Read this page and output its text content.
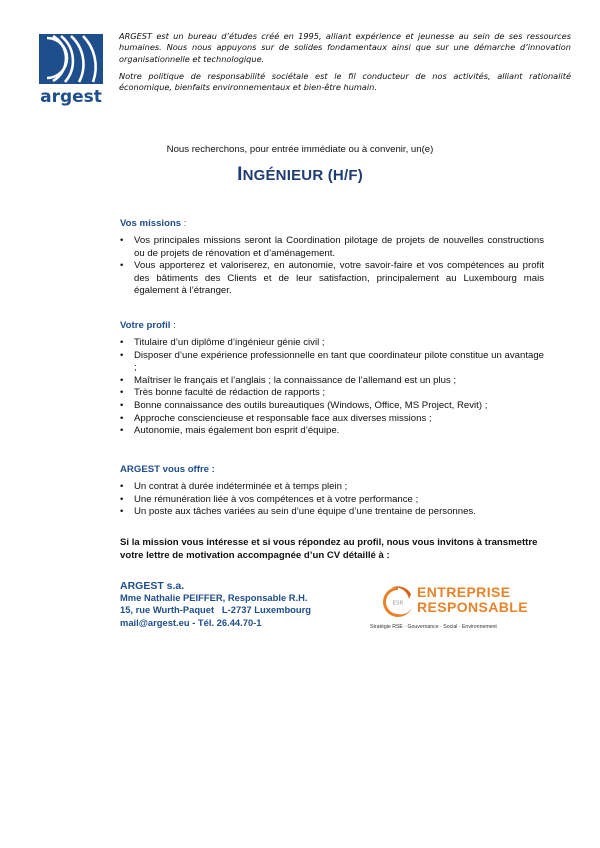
argest

ARGEST est un bureau d’études créé en 1995, alliant expérience et jeunesse au sein de ses ressources humaines. Nous nous appuyons sur de solides fondamentaux ainsi que sur une démarche d’innovation organisationnelle et technologique.

Notre politique de responsabilité sociétale est le fil conducteur de nos activités, alliant rationalité économique, bienfaits environnementaux et bien-être humain.

Nous recherchons, pour entrée immédiate ou à convenir, un(e)
INGÉNIEUR (H/F)

Vos missions :

• Vos principales missions seront la Coordination pilotage de projets de nouvelles constructions ou de projets de rénovation et d’aménagement.
• Vous apporterez et valoriserez, en autonomie, votre savoir-faire et vos compétences au profit des bâtiments des Clients et de leur satisfaction, principalement au Luxembourg mais également à l’étranger.

Votre profil :

• Titulaire d’un diplôme d’ingénieur génie civil ;
• Disposer d’une expérience professionnelle en tant que coordinateur pilote constitue un avantage ;
• Maîtriser le français et l’anglais ; la connaissance de l’allemand est un plus ;
• Très bonne faculté de rédaction de rapports ;
• Bonne connaissance des outils bureautiques (Windows, Office, MS Project, Revit) ;
• Approche consciencieuse et responsable face aux diverses missions ;
• Autonomie, mais également bon esprit d’équipe.

ARGEST vous offre :

• Un contrat à durée indéterminée et à temps plein ;
• Une rémunération liée à vos compétences et à votre performance ;
• Un poste aux tâches variées au sein d’une équipe d’une trentaine de personnes.
Si la mission vous intéresse et si vous répondez au profil, nous vous invitons à transmettre votre lettre de motivation accompagnée d’un CV détaillé à :
ARGEST s.a.
Mme Nathalie PEIFFER, Responsable R.H.
15, rue Wurth-Paquet   L-2737 Luxembourg
mail@argest.eu - Tél. 26.44.70-1
ESR
ENTREPRISE
RESPONSABLE
Stratégie RSE · Gouvernance · Social · Environnement
